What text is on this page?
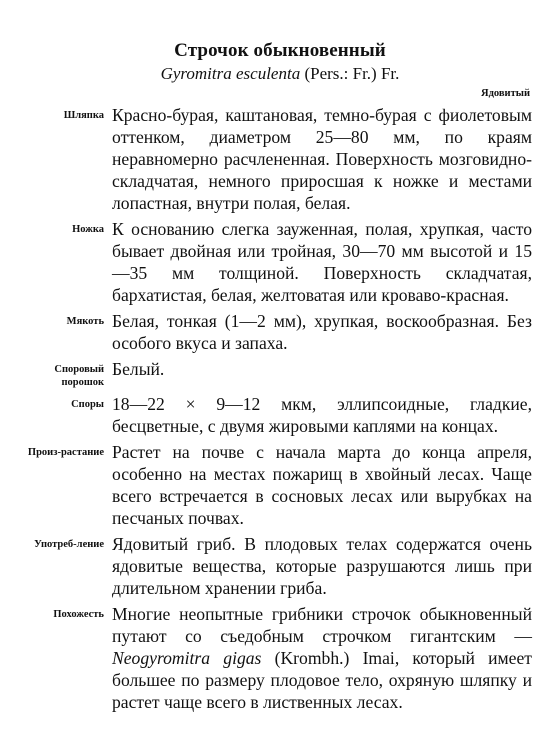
Строчок обыкновенный
Gyromitra esculenta (Pers.: Fr.) Fr.
Ядовитый
Шляпка Красно-бурая, каштановая, темно-бурая с фиолетовым оттенком, диаметром 25—80 мм, по краям неравномерно расчлененная. Поверхность мозговидно-складчатая, немного приросшая к ножке и местами лопастная, внутри полая, белая.
Ножка К основанию слегка зауженная, полая, хрупкая, часто бывает двойная или тройная, 30—70 мм высотой и 15—35 мм толщиной. Поверхность складчатая, бархатистая, белая, желтоватая или кроваво-красная.
Мякоть Белая, тонкая (1—2 мм), хрупкая, воскообразная. Без особого вкуса и запаха.
Споровый порошок
Белый.
Споры 18—22 × 9—12 мкм, эллипсоидные, гладкие, бесцветные, с двумя жировыми каплями на концах.
Произ-растание Растет на почве с начала марта до конца апреля, особенно на местах пожарищ в хвойный лесах. Чаще всего встречается в сосновых лесах или вырубках на песчаных почвах.
Употреб-ление Ядовитый гриб. В плодовых телах содержатся очень ядовитые вещества, которые разрушаются лишь при длительном хранении гриба.
Похожесть Многие неопытные грибники строчок обыкновенный путают со съедобным строчком гигантским — Neogyromitra gigas (Krombh.) Imai, который имеет большее по размеру плодовое тело, охряную шляпку и растет чаще всего в лиственных лесах.
